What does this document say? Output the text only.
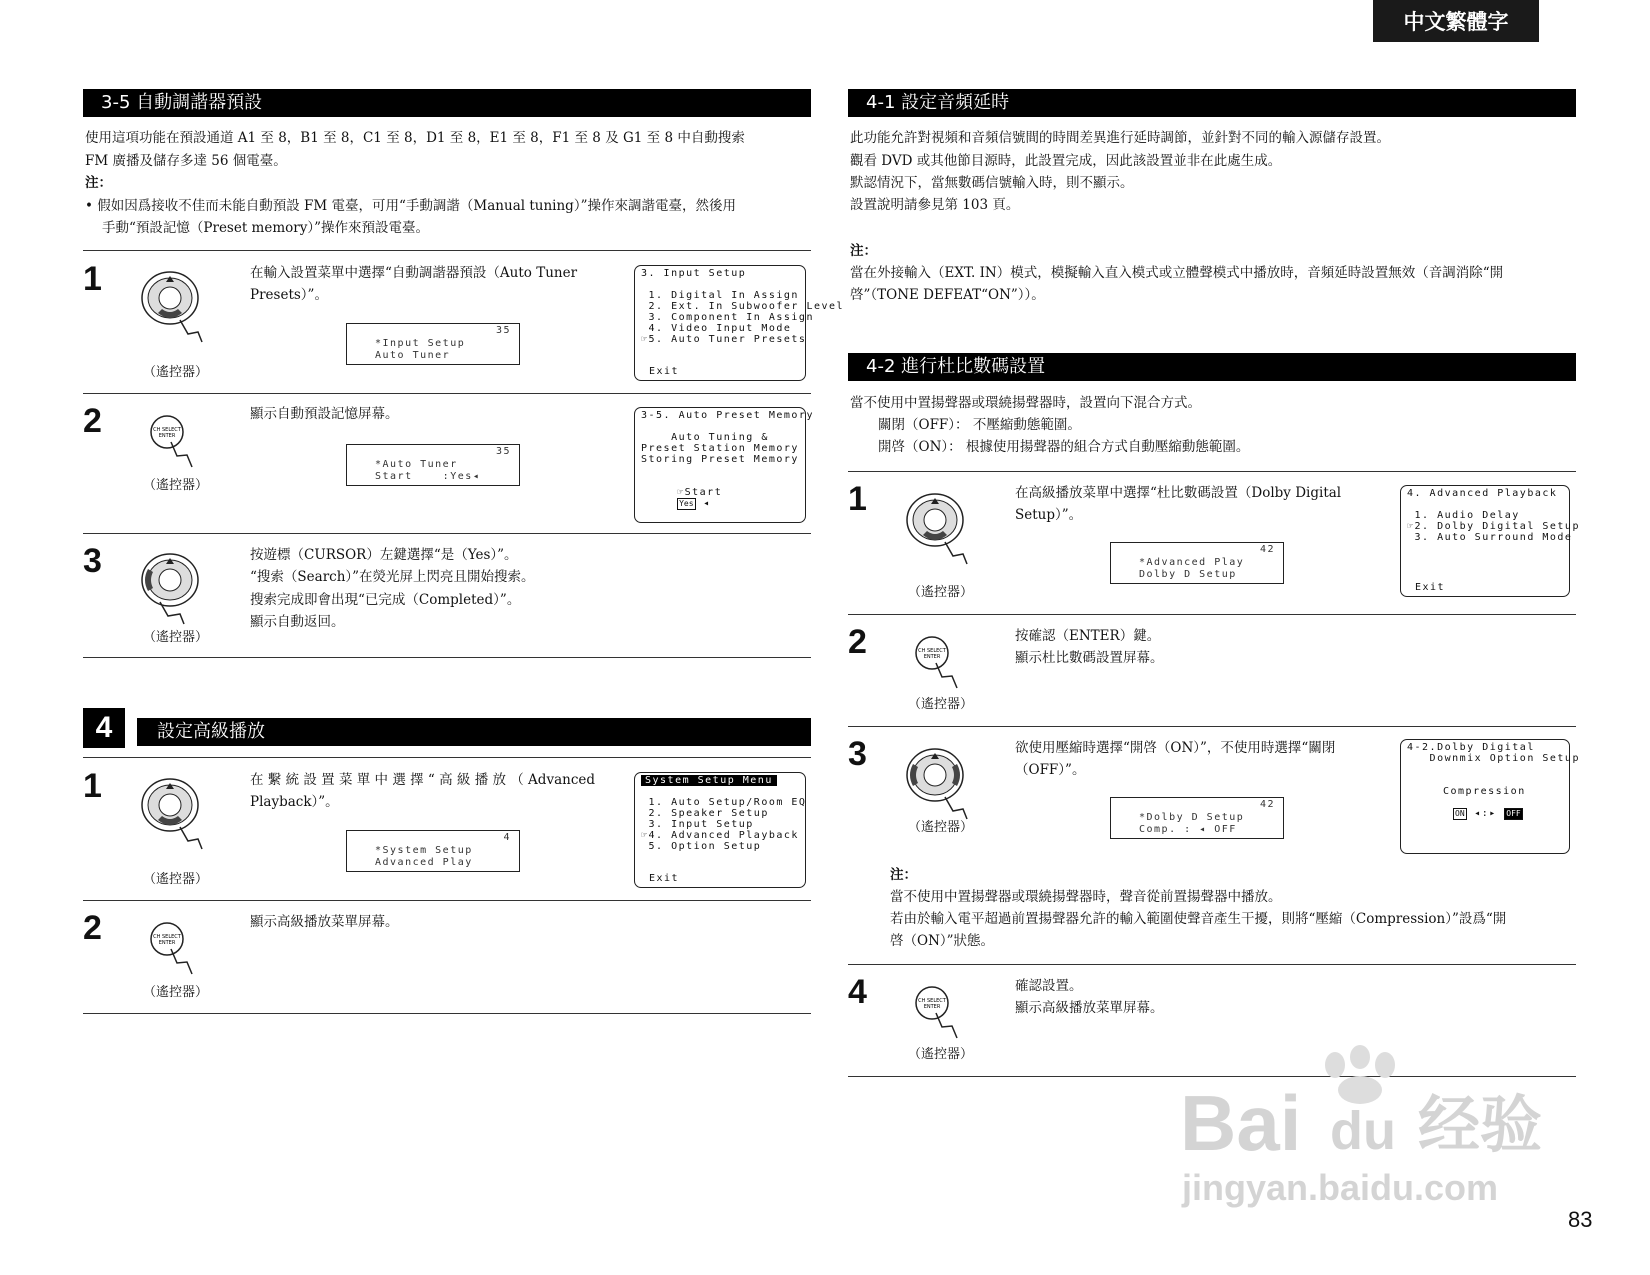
中文繁體字
3-5 自動調諧器預設
使用這項功能在預設通道 A1 至 8，B1 至 8，C1 至 8，D1 至 8，E1 至 8，F1 至 8 及 G1 至 8 中自動搜索
FM 廣播及儲存多達 56 個電臺。
注：
• 假如因爲接收不佳而未能自動預設 FM 電臺，可用“手動調諧（Manual tuning）”操作來調諧電臺，然後用
手動“預設記憶（Preset memory）”操作來預設電臺。
1
（遙控器）
在輸入設置菜單中選擇“自動調諧器預設（Auto Tuner
Presets）”。
35
*Input Setup
Auto Tuner
3. Input Setup
1. Digital In Assign
2. Ext. In Subwoofer Level
3. Component In Assign
4. Video Input Mode
☞5. Auto Tuner Presets
Exit
2	CH SELECT
ENTER
（遙控器）
顯示自動預設記憶屏幕。
35
*Auto Tuner
Start    :Yes◂
3-5. Auto Preset Memory
Auto Tuning &
Preset Station Memory
Storing Preset Memory

☞Start
Yes ◂

3
（遙控器）
按遊標（CURSOR）左鍵選擇“是（Yes）”。
“搜索（Search）”在熒光屏上閃亮且開始搜索。
搜索完成即會出現“已完成（Completed）”。
顯示自動返回。
4	設定高級播放
1
（遙控器）
在 繫 統 設 置 菜 單 中 選 擇 “ 高 級 播 放 （ Advanced
Playback）”。
4
*System Setup
Advanced Play
System Setup Menu
1. Auto Setup/Room EQ
2. Speaker Setup
3. Input Setup
☞4. Advanced Playback
5. Option Setup
Exit
2	CH SELECT
ENTER
（遙控器）
顯示高級播放菜單屏幕。
4-1 設定音頻延時
此功能允許對視頻和音頻信號間的時間差異進行延時調節，並針對不同的輸入源儲存設置。
觀看 DVD 或其他節目源時，此設置完成，因此該設置並非在此處生成。
默認情況下，當無數碼信號輸入時，則不顯示。
設置說明請參見第 103 頁。
注：
當在外接輸入（EXT. IN）模式，模擬輸入直入模式或立體聲模式中播放時，音頻延時設置無效（音調消除“開
啓”（TONE DEFEAT“ON”））。
4-2 進行杜比數碼設置
當不使用中置揚聲器或環繞揚聲器時，設置向下混合方式。
關閉（OFF）： 不壓縮動態範圍。
開啓（ON）： 根據使用揚聲器的組合方式自動壓縮動態範圍。
1
（遙控器）
在高級播放菜單中選擇“杜比數碼設置（Dolby Digital
Setup）”。
42
*Advanced Play
Dolby D Setup
4. Advanced Playback
1. Audio Delay
☞2. Dolby Digital Setup
3. Auto Surround Mode
Exit
2	CH SELECT
ENTER
（遙控器）
按確認（ENTER）鍵。
顯示杜比數碼設置屏幕。
3
（遙控器）
欲使用壓縮時選擇“開啓（ON）”，不使用時選擇“關閉
（OFF）”。
42
*Dolby D Setup
Comp. : ◂ OFF
4-2.Dolby Digital
Downmix Option Setup
Compression
ON ◂:▸ OFF
注：
當不使用中置揚聲器或環繞揚聲器時，聲音從前置揚聲器中播放。
若由於輸入電平超過前置揚聲器允許的輸入範圍使聲音產生干擾，則將“壓縮（Compression）”設爲“開
啓（ON）”狀態。
4	CH SELECT
ENTER
（遙控器）
確認設置。
顯示高級播放菜單屏幕。
Bai du 经验
jingyan.baidu.com
83
